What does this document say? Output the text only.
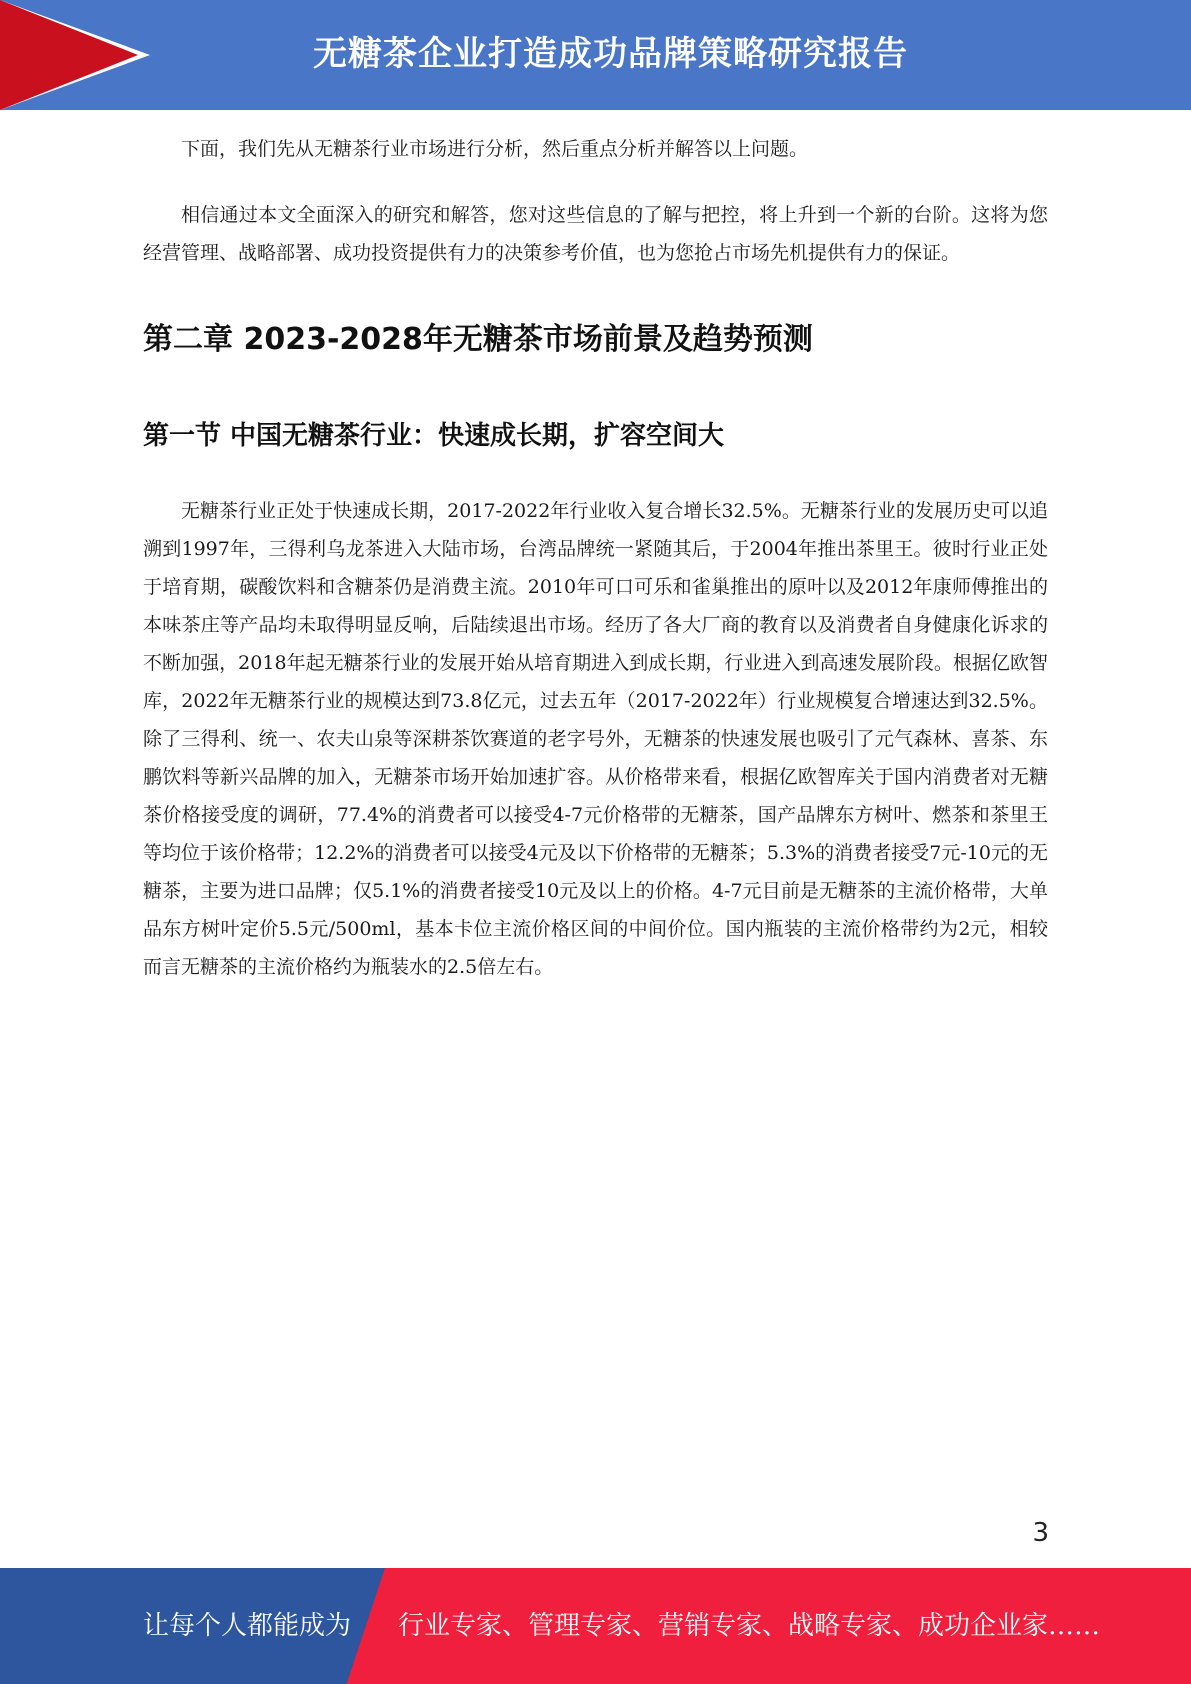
无糖茶企业打造成功品牌策略研究报告

下面，我们先从无糖茶行业市场进行分析，然后重点分析并解答以上问题。

相信通过本文全面深入的研究和解答，您对这些信息的了解与把控，将上升到一个新的台阶。这将为您经营管理、战略部署、成功投资提供有力的决策参考价值，也为您抢占市场先机提供有力的保证。

第二章 2023-2028年无糖茶市场前景及趋势预测
第一节 中国无糖茶行业：快速成长期，扩容空间大

无糖茶行业正处于快速成长期，2017-2022年行业收入复合增长32.5%。无糖茶行业的发展历史可以追溯到1997年，三得利乌龙茶进入大陆市场，台湾品牌统一紧随其后，于2004年推出茶里王。彼时行业正处于培育期，碳酸饮料和含糖茶仍是消费主流。2010年可口可乐和雀巢推出的原叶以及2012年康师傅推出的本味茶庄等产品均未取得明显反响，后陆续退出市场。经历了各大厂商的教育以及消费者自身健康化诉求的不断加强，2018年起无糖茶行业的发展开始从培育期进入到成长期，行业进入到高速发展阶段。根据亿欧智库，2022年无糖茶行业的规模达到73.8亿元，过去五年（2017-2022年）行业规模复合增速达到32.5%。除了三得利、统一、农夫山泉等深耕茶饮赛道的老字号外，无糖茶的快速发展也吸引了元气森林、喜茶、东鹏饮料等新兴品牌的加入，无糖茶市场开始加速扩容。从价格带来看，根据亿欧智库关于国内消费者对无糖茶价格接受度的调研，77.4%的消费者可以接受4-7元价格带的无糖茶，国产品牌东方树叶、燃茶和茶里王等均位于该价格带；12.2%的消费者可以接受4元及以下价格带的无糖茶；5.3%的消费者接受7元-10元的无糖茶，主要为进口品牌；仅5.1%的消费者接受10元及以上的价格。4-7元目前是无糖茶的主流价格带，大单品东方树叶定价5.5元/500ml，基本卡位主流价格区间的中间价位。国内瓶装的主流价格带约为2元，相较而言无糖茶的主流价格约为瓶装水的2.5倍左右。

3
让每个人都能成为 行业专家、管理专家、营销专家、战略专家、成功企业家……
